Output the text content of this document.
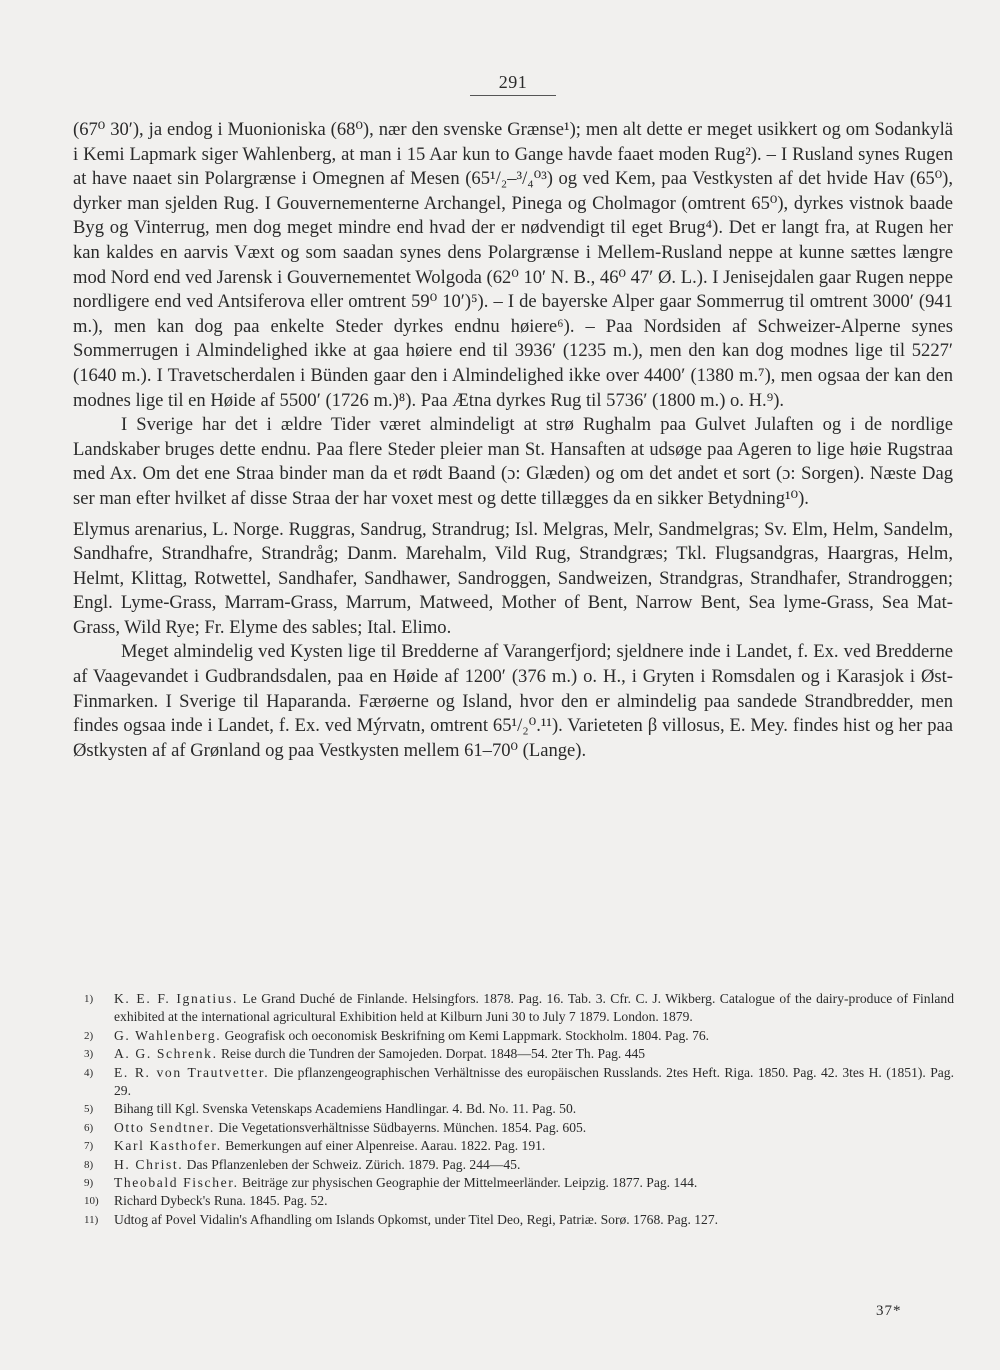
291

(67⁰ 30′), ja endog i Muonioniska (68⁰), nær den svenske Grænse¹); men alt dette er meget usikkert og om Sodankylä i Kemi Lapmark siger Wahlenberg, at man i 15 Aar kun to Gange havde faaet moden Rug²). – I Rusland synes Rugen at have naaet sin Polargrænse i Omegnen af Mesen (65¹/₂–³/₄⁰³) og ved Kem, paa Vestkysten af det hvide Hav (65⁰), dyrker man sjelden Rug. I Gouvernementerne Archangel, Pinega og Cholmagor (omtrent 65⁰), dyrkes vistnok baade Byg og Vinterrug, men dog meget mindre end hvad der er nødvendigt til eget Brug⁴). Det er langt fra, at Rugen her kan kaldes en aarvis Væxt og som saadan synes dens Polargrænse i Mellem-Rusland neppe at kunne sættes længre mod Nord end ved Jarensk i Gouvernementet Wolgoda (62⁰ 10′ N. B., 46⁰ 47′ Ø. L.). I Jenisejdalen gaar Rugen neppe nordligere end ved Antsiferova eller omtrent 59⁰ 10′)⁵). – I de bayerske Alper gaar Sommerrug til omtrent 3000′ (941 m.), men kan dog paa enkelte Steder dyrkes endnu høiere⁶). – Paa Nordsiden af Schweizer-Alperne synes Sommerrugen i Almindelighed ikke at gaa høiere end til 3936′ (1235 m.), men den kan dog modnes lige til 5227′ (1640 m.). I Travetscherdalen i Bünden gaar den i Almindelighed ikke over 4400′ (1380 m.⁷), men ogsaa der kan den modnes lige til en Høide af 5500′ (1726 m.)⁸). Paa Ætna dyrkes Rug til 5736′ (1800 m.) o. H.⁹).

I Sverige har det i ældre Tider været almindeligt at strø Rughalm paa Gulvet Julaften og i de nordlige Landskaber bruges dette endnu. Paa flere Steder pleier man St. Hansaften at udsøge paa Ageren to lige høie Rugstraa med Ax. Om det ene Straa binder man da et rødt Baand (ɔ: Glæden) og om det andet et sort (ɔ: Sorgen). Næste Dag ser man efter hvilket af disse Straa der har voxet mest og dette tillægges da en sikker Betydning¹⁰).

Elymus arenarius, L. Norge. Ruggras, Sandrug, Strandrug; Isl. Melgras, Melr, Sandmelgras; Sv. Elm, Helm, Sandelm, Sandhafre, Strandhafre, Strandråg; Danm. Marehalm, Vild Rug, Strandgræs; Tkl. Flugsandgras, Haargras, Helm, Helmt, Klittag, Rotwettel, Sandhafer, Sandhawer, Sandroggen, Sandweizen, Strandgras, Strandhafer, Strandroggen; Engl. Lyme-Grass, Marram-Grass, Marrum, Matweed, Mother of Bent, Narrow Bent, Sea lyme-Grass, Sea Mat-Grass, Wild Rye; Fr. Elyme des sables; Ital. Elimo.

Meget almindelig ved Kysten lige til Bredderne af Varangerfjord; sjeldnere inde i Landet, f. Ex. ved Bredderne af Vaagevandet i Gudbrandsdalen, paa en Høide af 1200′ (376 m.) o. H., i Gryten i Romsdalen og i Karasjok i Øst-Finmarken. I Sverige til Haparanda. Færøerne og Island, hvor den er almindelig paa sandede Strandbredder, men findes ogsaa inde i Landet, f. Ex. ved Mýrvatn, omtrent 65¹/₂⁰.¹¹). Varieteten β villosus, E. Mey. findes hist og her paa Østkysten af af Grønland og paa Vestkysten mellem 61–70⁰ (Lange).

1)	K. E. F. Ignatius. Le Grand Duché de Finlande. Helsingfors. 1878. Pag. 16. Tab. 3. Cfr. C. J. Wikberg. Catalogue of the dairy-produce of Finland exhibited at the international agricultural Exhibition held at Kilburn Juni 30 to July 7 1879. London. 1879.
2)	G. Wahlenberg. Geografisk och oeconomisk Beskrifning om Kemi Lappmark. Stockholm. 1804. Pag. 76.
3)	A. G. Schrenk. Reise durch die Tundren der Samojeden. Dorpat. 1848—54. 2ter Th. Pag. 445
4)	E. R. von Trautvetter. Die pflanzengeographischen Verhältnisse des europäischen Russlands. 2tes Heft. Riga. 1850. Pag. 42. 3tes H. (1851). Pag. 29.
5)	Bihang till Kgl. Svenska Vetenskaps Academiens Handlingar. 4. Bd. No. 11. Pag. 50.
6)	Otto Sendtner. Die Vegetationsverhältnisse Südbayerns. München. 1854. Pag. 605.
7)	Karl Kasthofer. Bemerkungen auf einer Alpenreise. Aarau. 1822. Pag. 191.
8)	H. Christ. Das Pflanzenleben der Schweiz. Zürich. 1879. Pag. 244—45.
9)	Theobald Fischer. Beiträge zur physischen Geographie der Mittelmeerländer. Leipzig. 1877. Pag. 144.
10)	Richard Dybeck's Runa. 1845. Pag. 52.
11)	Udtog af Povel Vidalin's Afhandling om Islands Opkomst, under Titel Deo, Regi, Patriæ. Sorø. 1768. Pag. 127.
37*
